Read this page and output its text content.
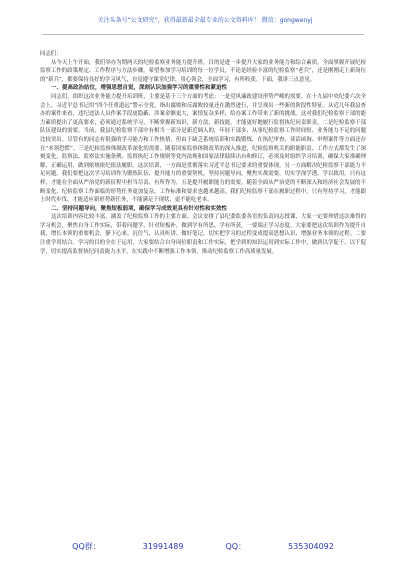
关注头条号“公文研究”，获得最新最全最专业的公文资料库！ 微信：gongwenyj

同志们：

从今天上午开始，我们举办为期两天的纪检监察业务能力提升班，目的是进一步提升大家的业务能力和综合素质，全面掌握开展纪检监察工作的政策规定、工作程序与方法步骤。希望参加学习培训的每一位学员，不论是经验丰富的纪检监察“老兵”，还是刚刚走上新岗位的“新兵”，都要保持良好的学习风气，自觉遵守课堂纪律，用心领会，全面学习，有所收获。下面，我讲三点意见。

一、提高政治站位，增强思想自觉，深刻认识加强学习的重要性和紧迫性

同志们，组织这次业务能力提升培训班，主要是基于三个方面的考虑：一是党风廉政建设形势严峻的需要。在十九届中央纪委六次全会上，习近平总书记用“四个任重道远”警示全党，指出腐败和反腐败较量还在激烈进行，并呈现出一些新的阶段性特征。从近几年我县查办的案件来看，违纪违法人员作案手段更隐蔽、涉案金额更大，案情复杂多样，给办案工作带来了新的挑战。这对我们纪检监察干部的能力素质提出了更高要求，必须通过系统学习，不断掌握新知识、新方法、新技能，才能更好地履行监督执纪问责职责。二是纪检监察干部队伍建设的需要。当前，我县纪检监察干部中有相当一部分是新近调入的，年轻干部多、从事纪检监察工作时间短、业务能力不足的问题比较突出。尽管有的同志有很强的学习能力和工作热情，但由于缺乏系统培训和实践锻炼，在执纪审查、谈话函询、审理案件等方面还存在“本领恐慌”。三是纪检监察体制改革深化的需要。随着国家监察体制改革的深入推进，纪检监察机关的职能职责、工作方式都发生了深刻变化，监察法、监察法实施条例、监督执纪工作规则等党内法规和国家法律陆续出台和修订，必须及时组织学习培训，确保大家准确理解、正确运用，做到依规依纪依法履职。这次培训，一方面是贯彻落实习近平总书记要求的重要体现，另一方面解决纪检监察干部能力不足问题。我们要把这次学习培训作为锻炼队伍、提升能力的重要契机，坚持问题导向，聚焦实战需要，切实学深学透、学以致用。只有这样，才能在全面从严治党的新征程中担当尽责、有所作为。五是提升履职能力的需要。随着全面从严治党的不断深入和经济社会发展的不断变化，纪检监察工作面临的形势任务更加复杂，工作标准和要求也越来越高。我们纪检监察干部在履职过程中，只有坚持学习，才能跟上时代步伐，才能适应新形势新任务，不能满足于现状，更不能吃老本。

二、坚持问题导向，聚焦短板弱项，确保学习成效更具有针对性和实效性

这次培训内容比较丰富，涵盖了纪检监察工作的主要方面。会议安排了县纪委监委各室的负责同志授课，大家一定要珍惜这次难得的学习机会，聚焦自身工作实际，带着问题学，针对短板补，做到学有所思、学有所获。一要端正学习态度。大家要把这次培训作为提升自我、增长本领的重要机会，静下心来、沉住气，认真听讲、做好笔记，切实把学习的过程变成提高思想认识、增强业务本领的过程。二要注重学用结合。学习的目的全在于运用，大家要结合自身岗位职责和工作实际，把学到的知识运用到实际工作中，做到以学促干、以干促学，切实提高监督执纪问责能力水平，在实践中不断增强工作本领，推动纪检监察工作高质量发展。

QQ群：	31991489	QQ：	535304092
